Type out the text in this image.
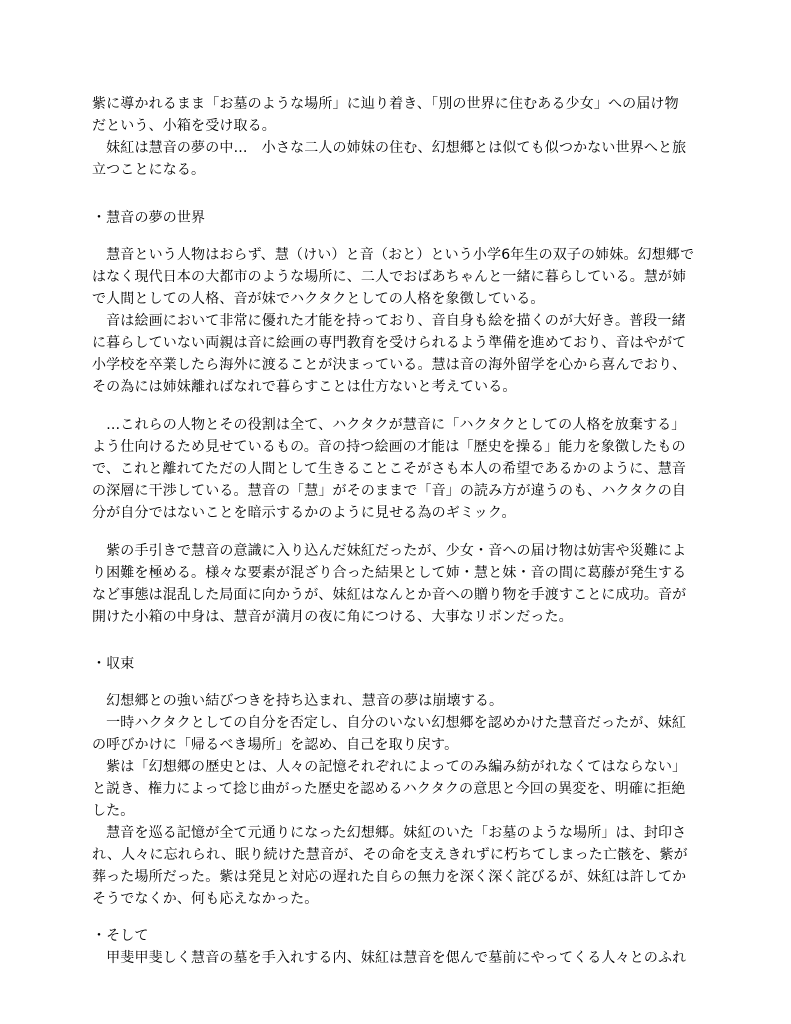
紫に導かれるまま「お墓のような場所」に辿り着き、「別の世界に住むある少女」への届け物
だという、小箱を受け取る。
　妹紅は慧音の夢の中…　小さな二人の姉妹の住む、幻想郷とは似ても似つかない世界へと旅
立つことになる。
・慧音の夢の世界
　慧音という人物はおらず、慧（けい）と音（おと）という小学6年生の双子の姉妹。幻想郷で
はなく現代日本の大都市のような場所に、二人でおばあちゃんと一緒に暮らしている。慧が姉
で人間としての人格、音が妹でハクタクとしての人格を象徴している。
　音は絵画において非常に優れた才能を持っており、音自身も絵を描くのが大好き。普段一緒
に暮らしていない両親は音に絵画の専門教育を受けられるよう準備を進めており、音はやがて
小学校を卒業したら海外に渡ることが決まっている。慧は音の海外留学を心から喜んでおり、
その為には姉妹離ればなれで暮らすことは仕方ないと考えている。
　…これらの人物とその役割は全て、ハクタクが慧音に「ハクタクとしての人格を放棄する」
よう仕向けるため見せているもの。音の持つ絵画の才能は「歴史を操る」能力を象徴したもの
で、これと離れてただの人間として生きることこそがさも本人の希望であるかのように、慧音
の深層に干渉している。慧音の「慧」がそのままで「音」の読み方が違うのも、ハクタクの自
分が自分ではないことを暗示するかのように見せる為のギミック。
　紫の手引きで慧音の意識に入り込んだ妹紅だったが、少女・音への届け物は妨害や災難によ
り困難を極める。様々な要素が混ざり合った結果として姉・慧と妹・音の間に葛藤が発生する
など事態は混乱した局面に向かうが、妹紅はなんとか音への贈り物を手渡すことに成功。音が
開けた小箱の中身は、慧音が満月の夜に角につける、大事なリボンだった。
・収束
　幻想郷との強い結びつきを持ち込まれ、慧音の夢は崩壊する。
　一時ハクタクとしての自分を否定し、自分のいない幻想郷を認めかけた慧音だったが、妹紅
の呼びかけに「帰るべき場所」を認め、自己を取り戻す。
　紫は「幻想郷の歴史とは、人々の記憶それぞれによってのみ編み紡がれなくてはならない」
と説き、権力によって捻じ曲がった歴史を認めるハクタクの意思と今回の異変を、明確に拒絶
した。
　慧音を巡る記憶が全て元通りになった幻想郷。妹紅のいた「お墓のような場所」は、封印さ
れ、人々に忘れられ、眠り続けた慧音が、その命を支えきれずに朽ちてしまった亡骸を、紫が
葬った場所だった。紫は発見と対応の遅れた自らの無力を深く深く詫びるが、妹紅は許してか
そうでなくか、何も応えなかった。
・そして
　甲斐甲斐しく慧音の墓を手入れする内、妹紅は慧音を偲んで墓前にやってくる人々とのふれ
